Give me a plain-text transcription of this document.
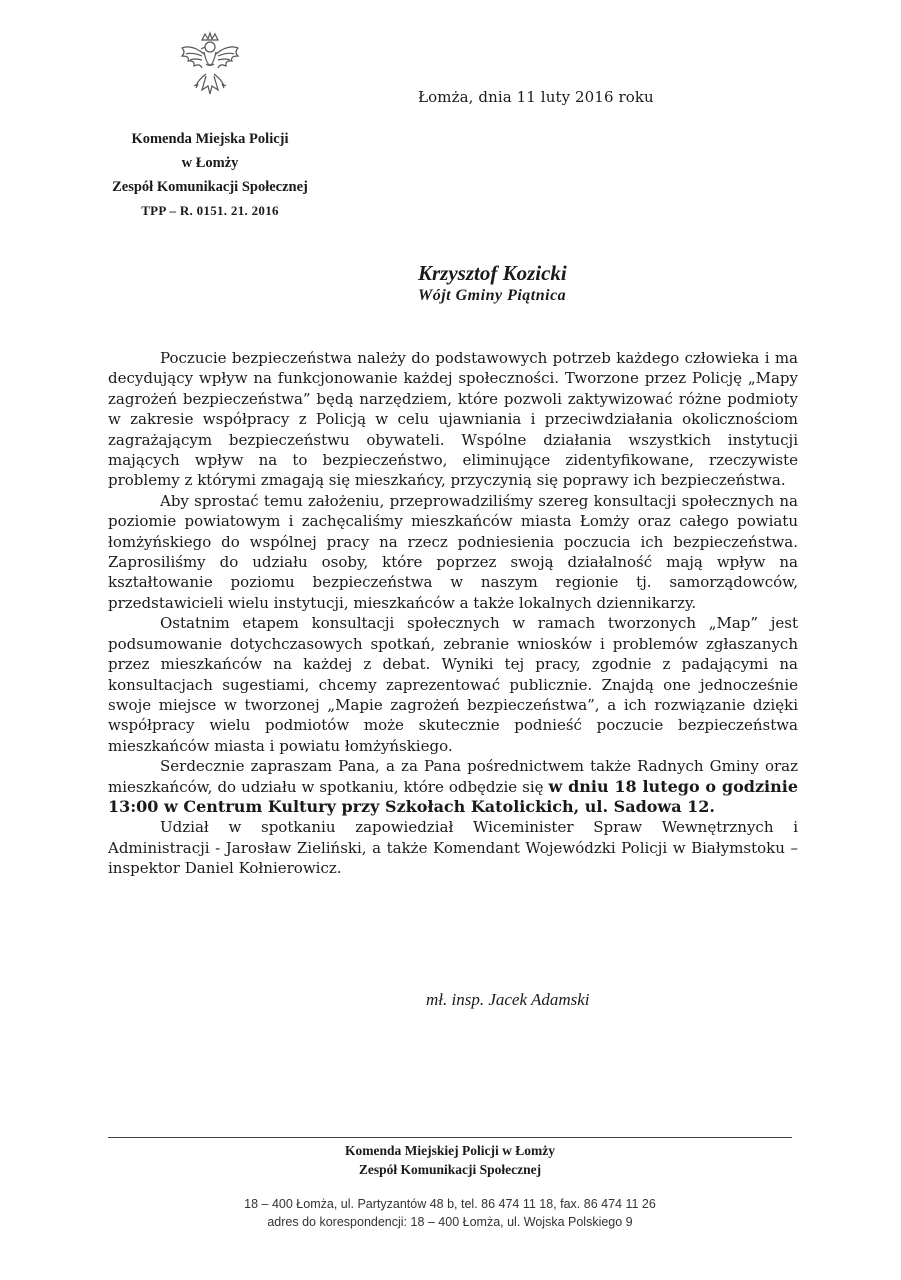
Łomża, dnia 11 luty 2016 roku
Komenda Miejska Policji
w Łomży
Zespół Komunikacji Społecznej
TPP – R. 0151. 21. 2016
Krzysztof Kozicki
Wójt Gminy Piątnica

Poczucie bezpieczeństwa należy do podstawowych potrzeb każdego człowieka i ma decydujący wpływ na funkcjonowanie każdej społeczności. Tworzone przez Policję „Mapy zagrożeń bezpieczeństwa” będą narzędziem, które pozwoli zaktywizować różne podmioty w zakresie współpracy z Policją w celu ujawniania i przeciwdziałania okolicznościom zagrażającym bezpieczeństwu obywateli. Wspólne działania wszystkich instytucji mających wpływ na to bezpieczeństwo, eliminujące zidentyfikowane, rzeczywiste problemy z którymi zmagają się mieszkańcy, przyczynią się poprawy ich bezpieczeństwa.

Aby sprostać temu założeniu, przeprowadziliśmy szereg konsultacji społecznych na poziomie powiatowym i zachęcaliśmy mieszkańców miasta Łomży oraz całego powiatu łomżyńskiego do wspólnej pracy na rzecz podniesienia poczucia ich bezpieczeństwa. Zaprosiliśmy do udziału osoby, które poprzez swoją działalność mają wpływ na kształtowanie poziomu bezpieczeństwa w naszym regionie tj. samorządowców, przedstawicieli wielu instytucji, mieszkańców a także lokalnych dziennikarzy.

Ostatnim etapem konsultacji społecznych w ramach tworzonych „Map” jest podsumowanie dotychczasowych spotkań, zebranie wniosków i problemów zgłaszanych przez mieszkańców na każdej z debat. Wyniki tej pracy, zgodnie z padającymi na konsultacjach sugestiami, chcemy zaprezentować publicznie. Znajdą one jednocześnie swoje miejsce w tworzonej „Mapie zagrożeń bezpieczeństwa”, a ich rozwiązanie dzięki współpracy wielu podmiotów może skutecznie podnieść poczucie bezpieczeństwa mieszkańców miasta i powiatu łomżyńskiego.

Serdecznie zapraszam Pana, a za Pana pośrednictwem także Radnych Gminy oraz mieszkańców, do udziału w spotkaniu, które odbędzie się w dniu 18 lutego o godzinie 13:00 w Centrum Kultury przy Szkołach Katolickich, ul. Sadowa 12.

Udział w spotkaniu zapowiedział Wiceminister Spraw Wewnętrznych i Administracji - Jarosław Zieliński, a także Komendant Wojewódzki Policji w Białymstoku – inspektor Daniel Kołnierowicz.

mł. insp. Jacek Adamski
Komenda Miejskiej Policji w Łomży
Zespół Komunikacji Społecznej
18 – 400 Łomża, ul. Partyzantów 48 b, tel. 86 474 11 18, fax. 86 474 11 26
adres do korespondencji: 18 – 400 Łomża, ul. Wojska Polskiego 9
